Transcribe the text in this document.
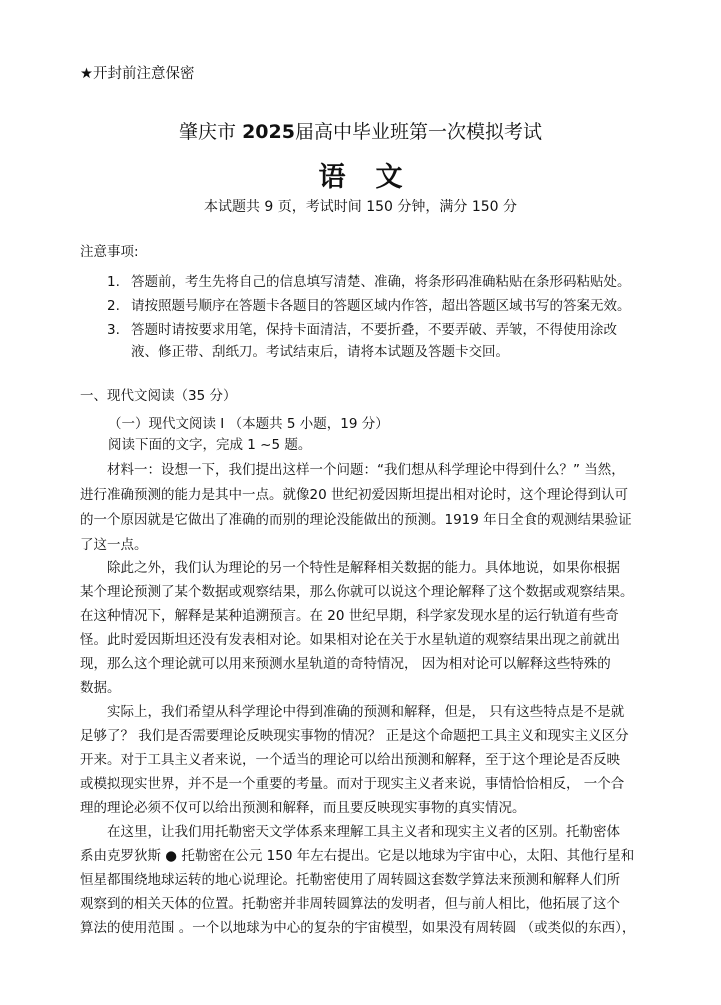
★开封前注意保密
肇庆市 2025届高中毕业班第一次模拟考试
语文
本试题共 9 页，考试时间 150 分钟，满分 150 分
注意事项:
1. 答题前，考生先将自己的信息填写清楚、准确，将条形码准确粘贴在条形码粘贴处。
2. 请按照题号顺序在答题卡各题目的答题区域内作答，超出答题区域书写的答案无效。
3. 答题时请按要求用笔，保持卡面清洁，不要折叠，不要弄破、弄皱，不得使用涂改
液、修正带、刮纸刀。考试结束后，请将本试题及答题卡交回。
一、现代文阅读（35 分）
（一）现代文阅读 Ⅰ （本题共 5 小题，19 分）
阅读下面的文字，完成 1 ~5 题。
材料一：设想一下，我们提出这样一个问题：“我们想从科学理论中得到什么？” 当然，
进行准确预测的能力是其中一点。就像20 世纪初爱因斯坦提出相对论时，这个理论得到认可
的一个原因就是它做出了准确的而别的理论没能做出的预测。1919 年日全食的观测结果验证
了这一点。
除此之外，我们认为理论的另一个特性是解释相关数据的能力。具体地说，如果你根据
某个理论预测了某个数据或观察结果，那么你就可以说这个理论解释了这个数据或观察结果。
在这种情况下，解释是某种追溯预言。在 20 世纪早期，科学家发现水星的运行轨道有些奇
怪。此时爱因斯坦还没有发表相对论。如果相对论在关于水星轨道的观察结果出现之前就出
现，那么这个理论就可以用来预测水星轨道的奇特情况， 因为相对论可以解释这些特殊的
数据。
实际上，我们希望从科学理论中得到准确的预测和解释，但是， 只有这些特点是不是就
足够了？ 我们是否需要理论反映现实事物的情况？ 正是这个命题把工具主义和现实主义区分
开来。对于工具主义者来说，一个适当的理论可以给出预测和解释，至于这个理论是否反映
或模拟现实世界，并不是一个重要的考量。而对于现实主义者来说，事情恰恰相反， 一个合
理的理论必须不仅可以给出预测和解释，而且要反映现实事物的真实情况。
在这里，让我们用托勒密天文学体系来理解工具主义者和现实主义者的区别。托勒密体
系由克罗狄斯 ● 托勒密在公元 150 年左右提出。它是以地球为宇宙中心，太阳、其他行星和
恒星都围绕地球运转的地心说理论。托勒密使用了周转圆这套数学算法来预测和解释人们所
观察到的相关天体的位置。托勒密并非周转圆算法的发明者，但与前人相比，他拓展了这个
算法的使用范围 。一个以地球为中心的复杂的宇宙模型，如果没有周转圆 （或类似的东西），
